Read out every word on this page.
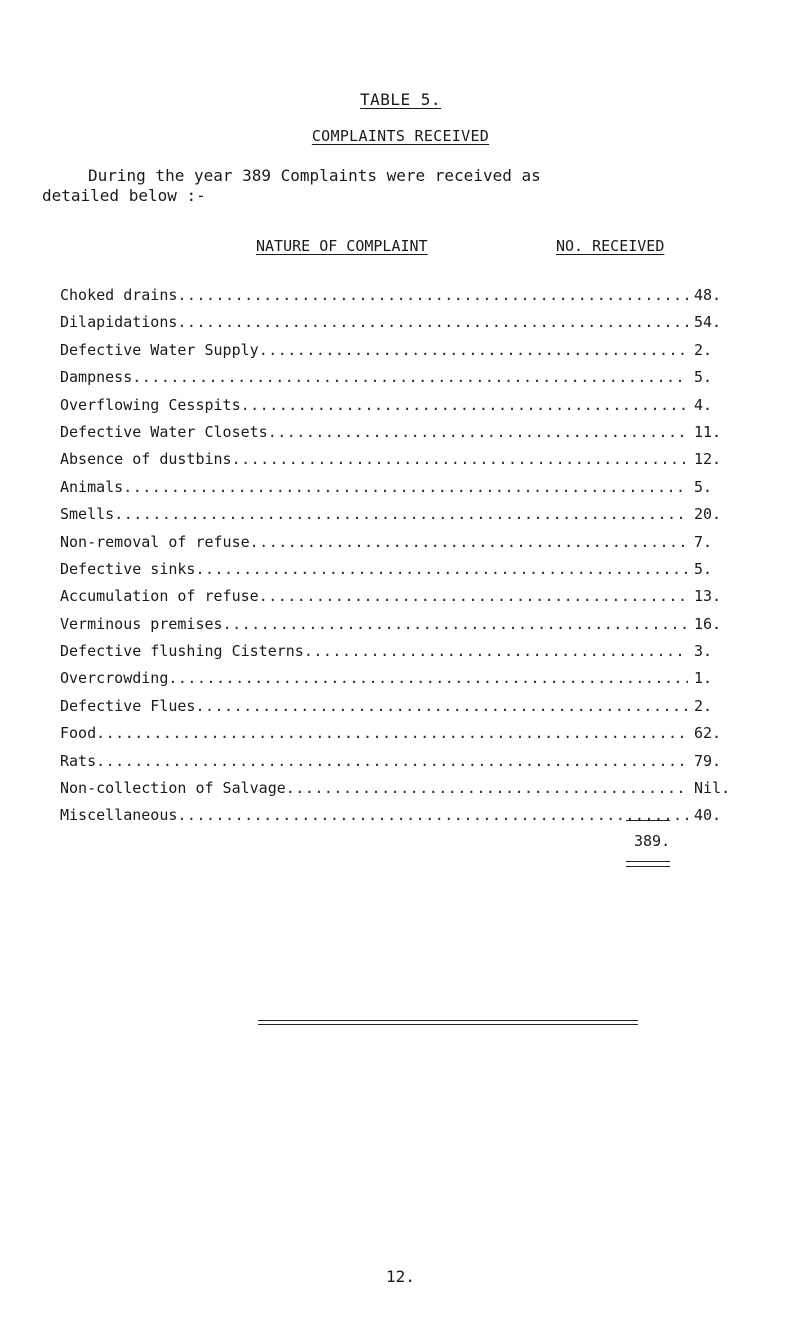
TABLE 5.
COMPLAINTS RECEIVED
During the year 389 Complaints were received as
detailed below :-
NATURE OF COMPLAINT	NO. RECEIVED
Choked drains .....	48.
Dilapidations .....	54.
Defective Water Supply .....	2.
Dampness .....	5.
Overflowing Cesspits .....	4.
Defective Water Closets .....	11.
Absence of dustbins .....	12.
Animals .....	5.
Smells .....	20.
Non-removal of refuse .....	7.
Defective sinks .....	5.
Accumulation of refuse .....	13.
Verminous premises .....	16.
Defective flushing Cisterns .....	3.
Overcrowding .....	1.
Defective Flues .....	2.
Food .....	62.
Rats .....	79.
Non-collection of Salvage .....	Nil.
Miscellaneous .....	40.
389.
12.
